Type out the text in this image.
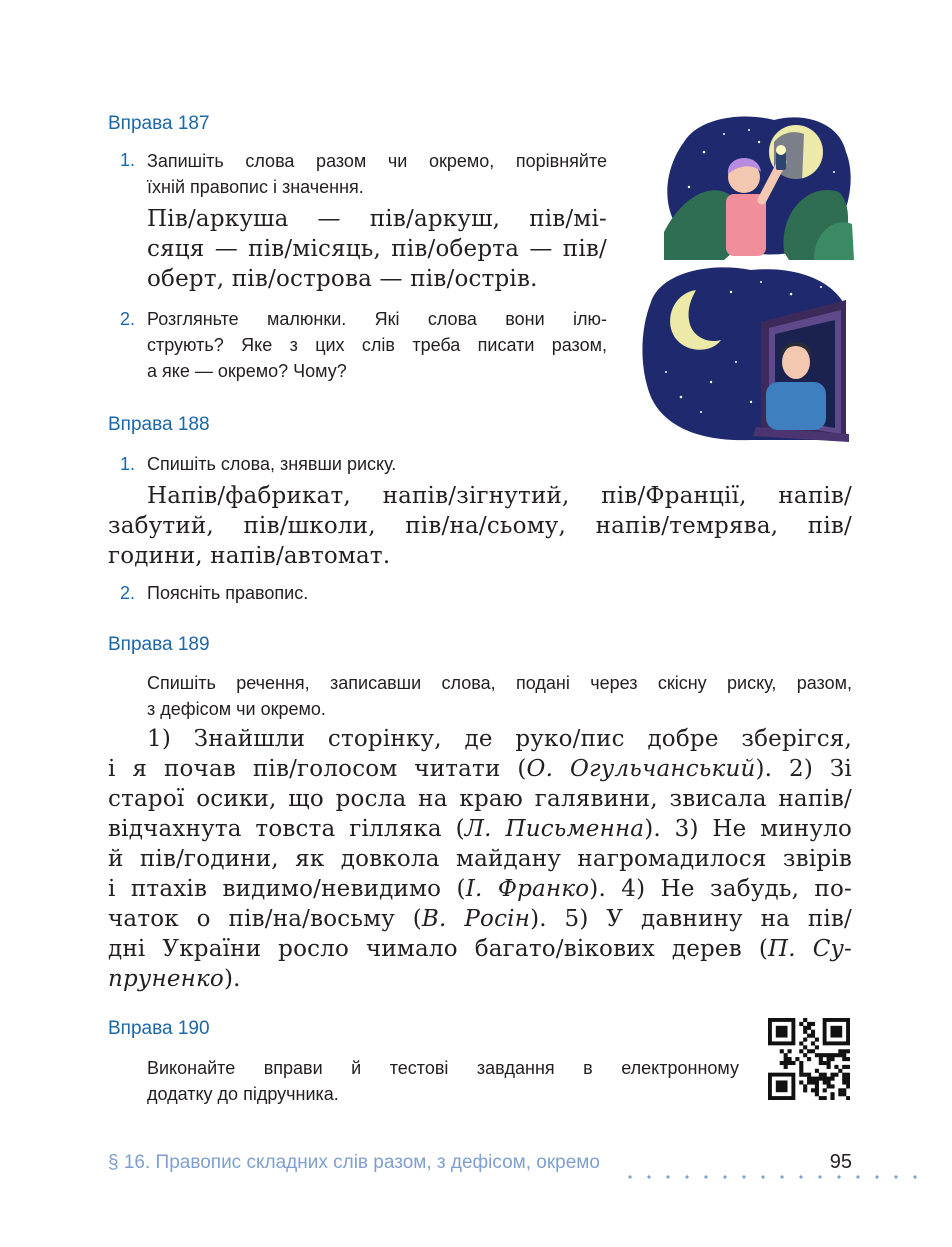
Вправа 187
1. Запишіть слова разом чи окремо, порівняйте
їхній правопис і значення.
Пів/аркуша — пів/аркуш, пів/мі-
сяця — пів/місяць, пів/оберта — пів/
оберт, пів/острова — пів/острів.
2. Розгляньте малюнки. Які слова вони ілю-
струють? Яке з цих слів треба писати разом,
а яке — окремо? Чому?
Вправа 188
1. Спишіть слова, знявши риску.
Напів/фабрикат, напів/зігнутий, пів/Франції, напів/
забутий, пів/школи, пів/на/сьому, напів/темрява, пів/
години, напів/автомат.
2. Поясніть правопис.
Вправа 189
Спишіть речення, записавши слова, подані через скісну риску, разом,
з дефісом чи окремо.
1) Знайшли сторінку, де руко/пис добре зберігся,
і я почав пів/голосом читати (О. Огульчанський). 2) Зі
старої осики, що росла на краю галявини, звисала напів/
відчахнута товста гілляка (Л. Письменна). 3) Не минуло
й пів/години, як довкола майдану нагромадилося звірів
і птахів видимо/невидимо (І. Франко). 4) Не забудь, по-
чаток о пів/на/восьму (В. Росін). 5) У давнину на пів/
дні України росло чимало багато/вікових дерев (П. Су-
пруненко).
Вправа 190
Виконайте вправи й тестові завдання в електронному
додатку до підручника.
§ 16. Правопис складних слів разом, з дефісом, окремо	95
